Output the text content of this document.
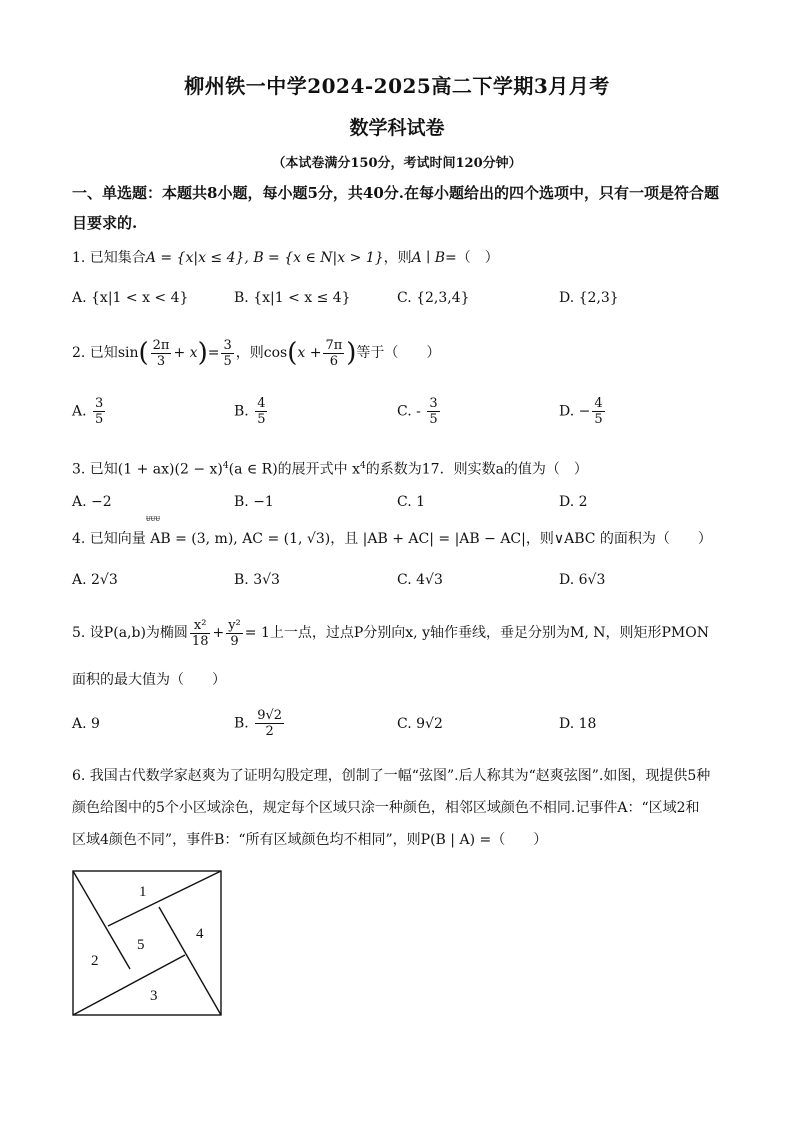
柳州铁一中学2024-2025高二下学期3月月考
数学科试卷
（本试卷满分150分，考试时间120分钟）
一、单选题：本题共8小题，每小题5分，共40分.在每小题给出的四个选项中，只有一项是符合题目要求的.
1. 已知集合A = {x|x ≤ 4}, B = {x ∈ N|x > 1}，则A ∣ B=（　）
A. {x|1 < x < 4}	B. {x|1 < x ≤ 4}	C. {2,3,4}	D. {2,3}
2. 已知$\sin( \frac{2\pi}{3} + x)= \frac{3}{5}$ ，则$\cos(x + \frac{7\pi}{6}$ )等于（　　）
A. $\frac{3}{5}$	B. $\frac{4}{5}$	C. - $\frac{3}{5}$	D. − $\frac{4}{5}$
3. 已知$(1 + ax)(2 - x)^4(a$ ∈ R)的展开式中 $x^4$的系数为17．则实数a的值为（　）
A. −2	B. −1	C. 1	D. 2
ᵾᵾᵾ
4. 已知向量 AB = (3, m), AC = (1, √3)，且 |AB + AC| = |AB − AC|，则∨ABC 的面积为（　　）
A. 2√3	B. 3√3	C. 4√3	D. 6√3
5. 设P(a,b)为椭圆 $\frac{\text{x²}}{18} + \frac{\text{y²}}{9} = 1$上一点，过点P分别向x, y轴作垂线，垂足分别为M, N，则矩形PMON
面积的最大值为（　　）
A. 9	B. $\frac{9√2}{2}$	C. 9√2	D. 18
6. 我国古代数学家赵爽为了证明勾股定理，创制了一幅“弦图”.后人称其为“赵爽弦图”.如图，现提供5种
颜色给图中的5个小区域涂色，规定每个区域只涂一种颜色，相邻区域颜色不相同.记事件A：“区域2和
区域4颜色不同”，事件B：“所有区域颜色均不相同”，则P(B | A) =（　　）
1
2
3
4
5
